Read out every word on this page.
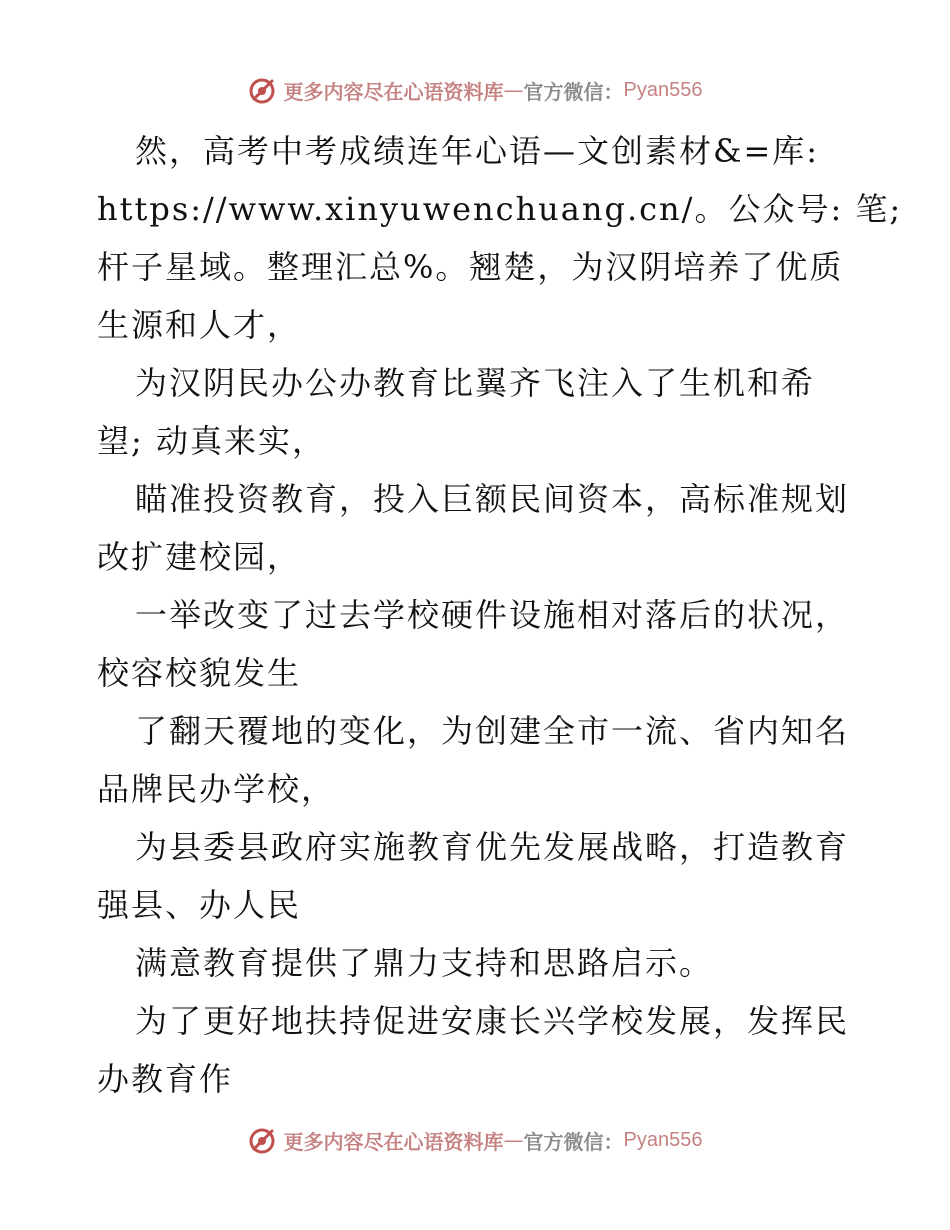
更多内容尽在心语资料库 — 官方微信： Pyan556

然，高考中考成绩连年心语—文创素材&=库:

https://www.xinyuwenchuang.cn/。公众号: 笔;

杆子星域。整理汇总%。翘楚，为汉阴培养了优质

生源和人才，

为汉阴民办公办教育比翼齐飞注入了生机和希

望; 动真来实，

瞄准投资教育，投入巨额民间资本，高标准规划

改扩建校园，

一举改变了过去学校硬件设施相对落后的状况，

校容校貌发生

了翻天覆地的变化，为创建全市一流、省内知名

品牌民办学校，

为县委县政府实施教育优先发展战略，打造教育

强县、办人民

满意教育提供了鼎力支持和思路启示。

为了更好地扶持促进安康长兴学校发展，发挥民

办教育作

更多内容尽在心语资料库 — 官方微信： Pyan556
